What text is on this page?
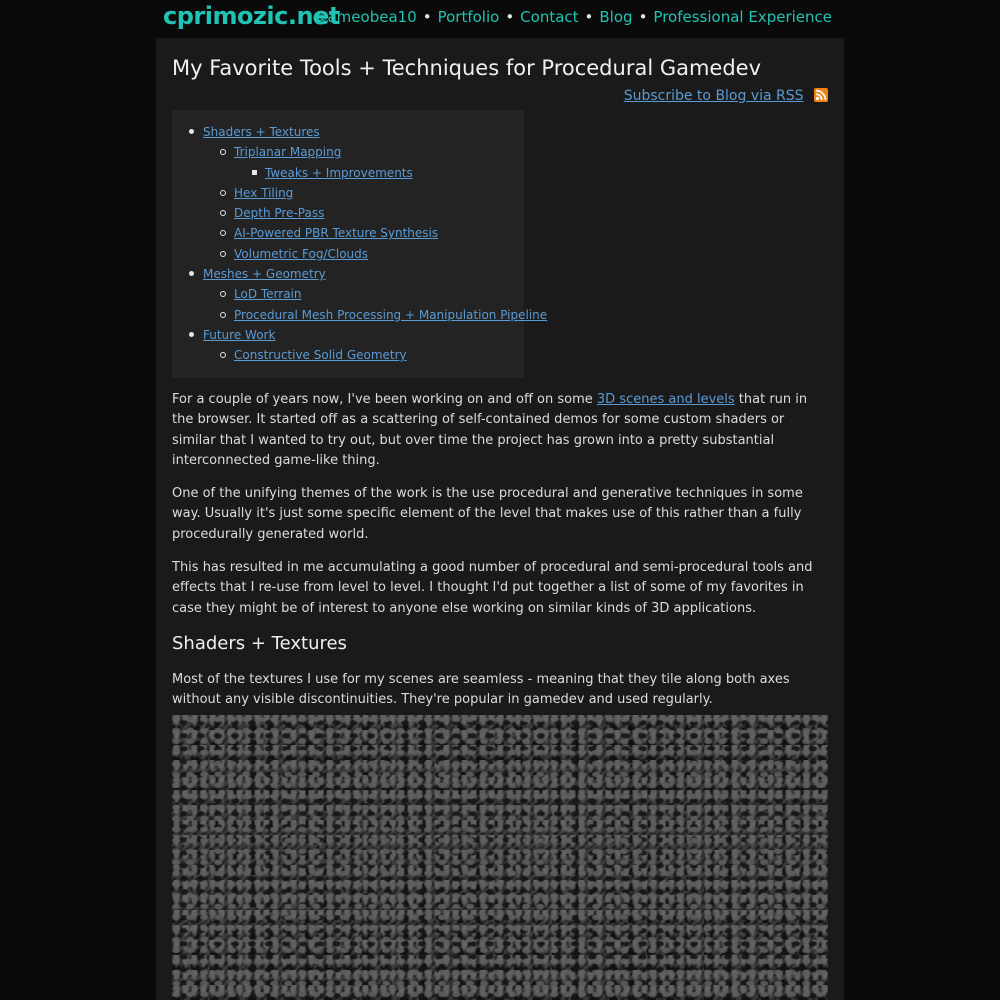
cprimozic.net
@ameobea10 • Portfolio • Contact • Blog • Professional Experience
My Favorite Tools + Techniques for Procedural Gamedev
Subscribe to Blog via RSS
Shaders + Textures
Triplanar Mapping
Tweaks + Improvements
Hex Tiling
Depth Pre-Pass
AI-Powered PBR Texture Synthesis
Volumetric Fog/Clouds
Meshes + Geometry
LoD Terrain
Procedural Mesh Processing + Manipulation Pipeline
Future Work
Constructive Solid Geometry

For a couple of years now, I've been working on and off on some 3D scenes and levels that run in the browser. It started off as a scattering of self-contained demos for some custom shaders or similar that I wanted to try out, but over time the project has grown into a pretty substantial interconnected game-like thing.

One of the unifying themes of the work is the use procedural and generative techniques in some way. Usually it's just some specific element of the level that makes use of this rather than a fully procedurally generated world.

This has resulted in me accumulating a good number of procedural and semi-procedural tools and effects that I re-use from level to level. I thought I'd put together a list of some of my favorites in case they might be of interest to anyone else working on similar kinds of 3D applications.

Shaders + Textures

Most of the textures I use for my scenes are seamless - meaning that they tile along both axes without any visible discontinuities. They're popular in gamedev and used regularly.
